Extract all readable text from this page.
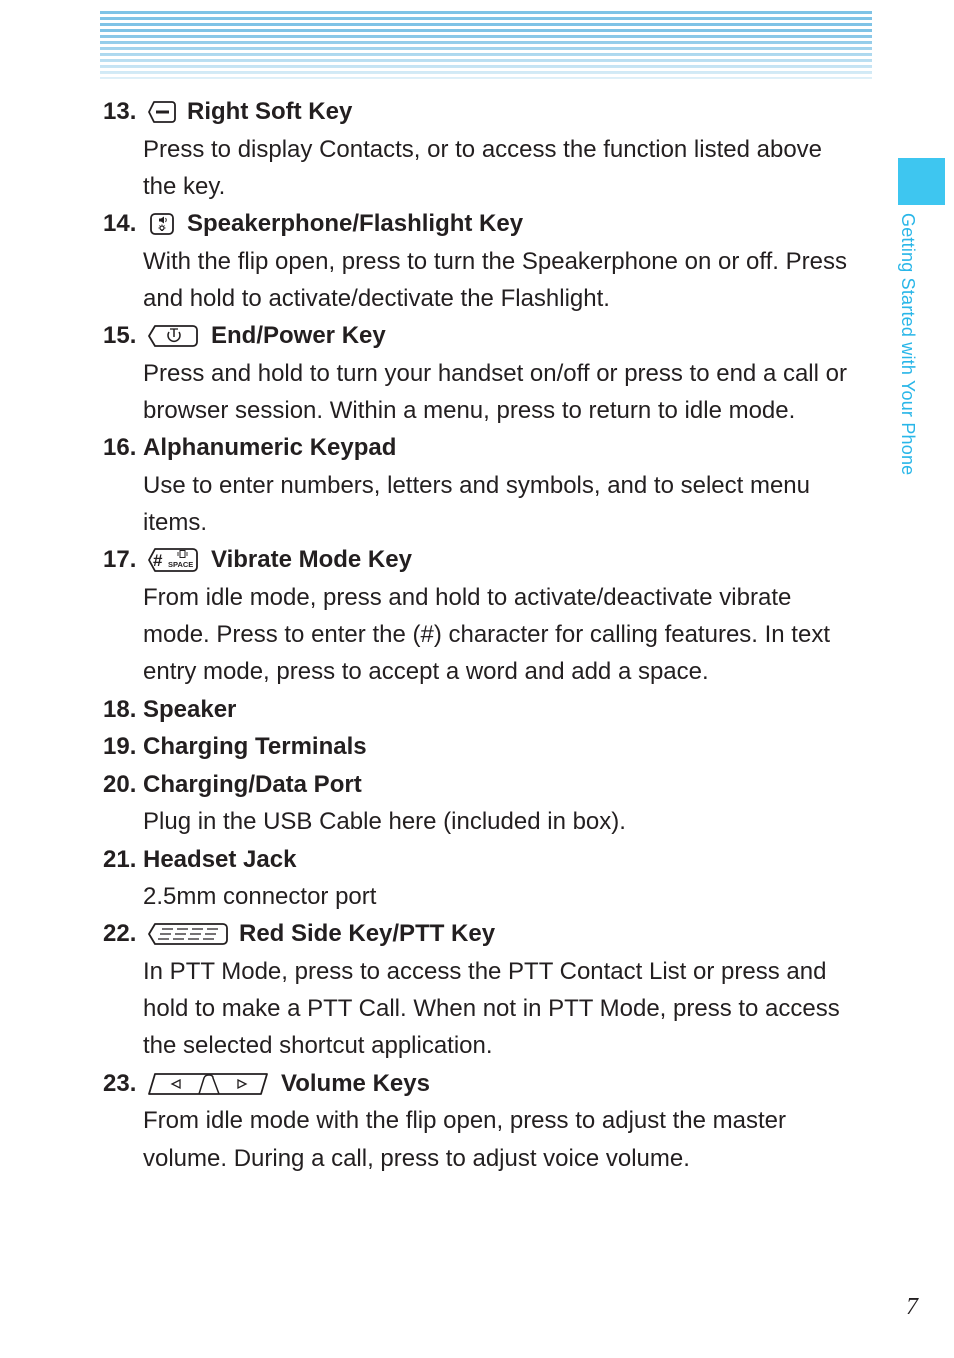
Getting Started with Your Phone
13. Right Soft Key
Press to display Contacts, or to access the function listed above
the key.
14. Speakerphone/Flashlight Key
With the flip open, press to turn the Speakerphone on or off. Press
and hold to activate/dectivate the Flashlight.
15.	End/Power Key
Press and hold to turn your handset on/off or press to end a call or
browser session. Within a menu, press to return to idle mode.
16. Alphanumeric Keypad
Use to enter numbers, letters and symbols, and to select menu
items.
17. # SPACE Vibrate Mode Key
From idle mode, press and hold to activate/deactivate vibrate
mode. Press to enter the (#) character for calling features. In text
entry mode, press to accept a word and add a space.
18. Speaker
19. Charging Terminals
20. Charging/Data Port
Plug in the USB Cable here (included in box).
21. Headset Jack
2.5mm connector port
22.	Red Side Key/PTT Key
In PTT Mode, press to access the PTT Contact List or press and
hold to make a PTT Call. When not in PTT Mode, press to access
the selected shortcut application.
23.	Volume Keys
From idle mode with the flip open, press to adjust the master
volume. During a call, press to adjust voice volume.
7
